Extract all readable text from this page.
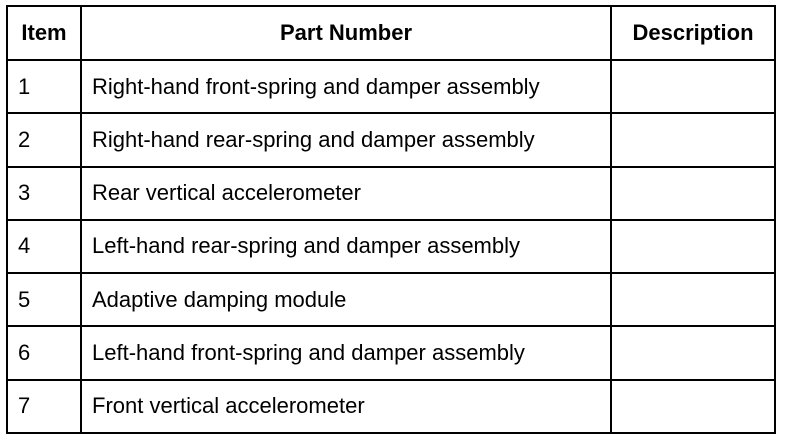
Item	Part Number	Description
1	Right-hand front-spring and damper assembly	
2	Right-hand rear-spring and damper assembly	
3	Rear vertical accelerometer	
4	Left-hand rear-spring and damper assembly	
5	Adaptive damping module	
6	Left-hand front-spring and damper assembly	
7	Front vertical accelerometer	
